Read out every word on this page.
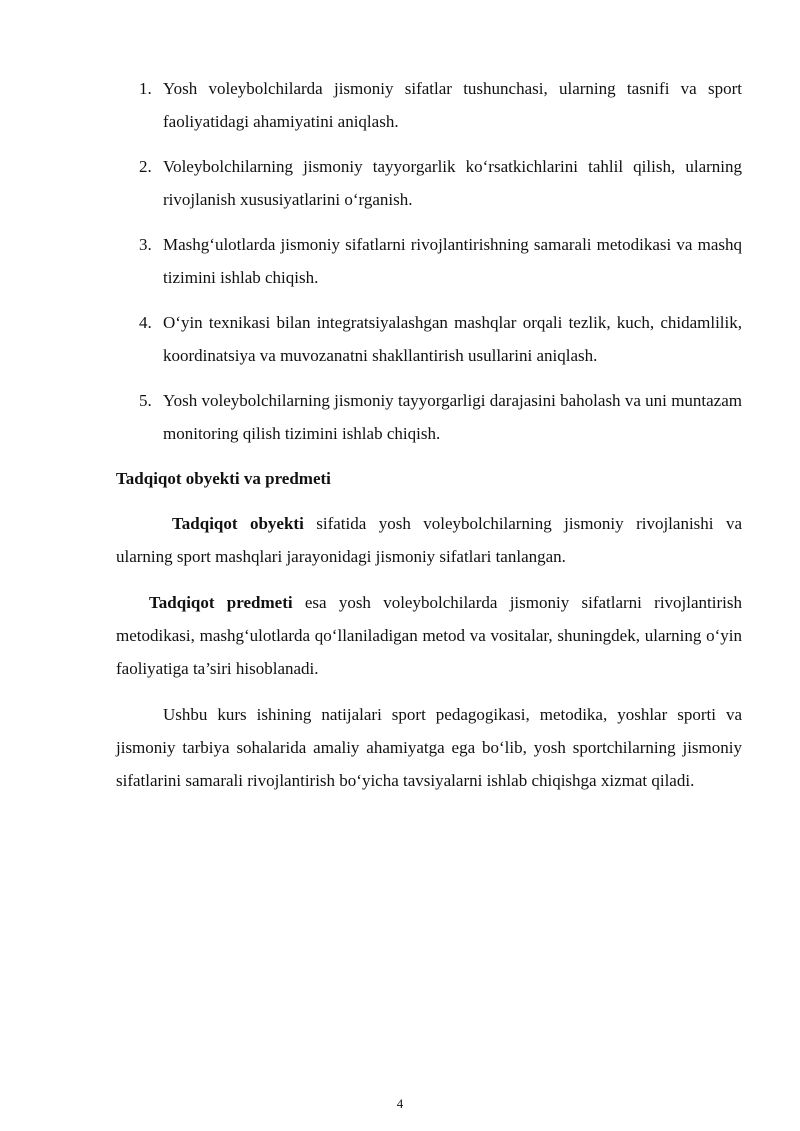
1. Yosh voleybolchilarda jismoniy sifatlar tushunchasi, ularning tasnifi va sport faoliyatidagi ahamiyatini aniqlash.
2. Voleybolchilarning jismoniy tayyorgarlik ko‘rsatkichlarini tahlil qilish, ularning rivojlanish xususiyatlarini o‘rganish.
3. Mashg‘ulotlarda jismoniy sifatlarni rivojlantirishning samarali metodikasi va mashq tizimini ishlab chiqish.
4. O‘yin texnikasi bilan integratsiyalashgan mashqlar orqali tezlik, kuch, chidamlilik, koordinatsiya va muvozanatni shakllantirish usullarini aniqlash.
5. Yosh voleybolchilarning jismoniy tayyorgarligi darajasini baholash va uni muntazam monitoring qilish tizimini ishlab chiqish.
Tadqiqot obyekti va predmeti

Tadqiqot obyekti sifatida yosh voleybolchilarning jismoniy rivojlanishi va ularning sport mashqlari jarayonidagi jismoniy sifatlari tanlangan.

Tadqiqot predmeti esa yosh voleybolchilarda jismoniy sifatlarni rivojlantirish metodikasi, mashg‘ulotlarda qo‘llaniladigan metod va vositalar, shuningdek, ularning o‘yin faoliyatiga ta’siri hisoblanadi.

Ushbu kurs ishining natijalari sport pedagogikasi, metodika, yoshlar sporti va jismoniy tarbiya sohalarida amaliy ahamiyatga ega bo‘lib, yosh sportchilarning jismoniy sifatlarini samarali rivojlantirish bo‘yicha tavsiyalarni ishlab chiqishga xizmat qiladi.

4
